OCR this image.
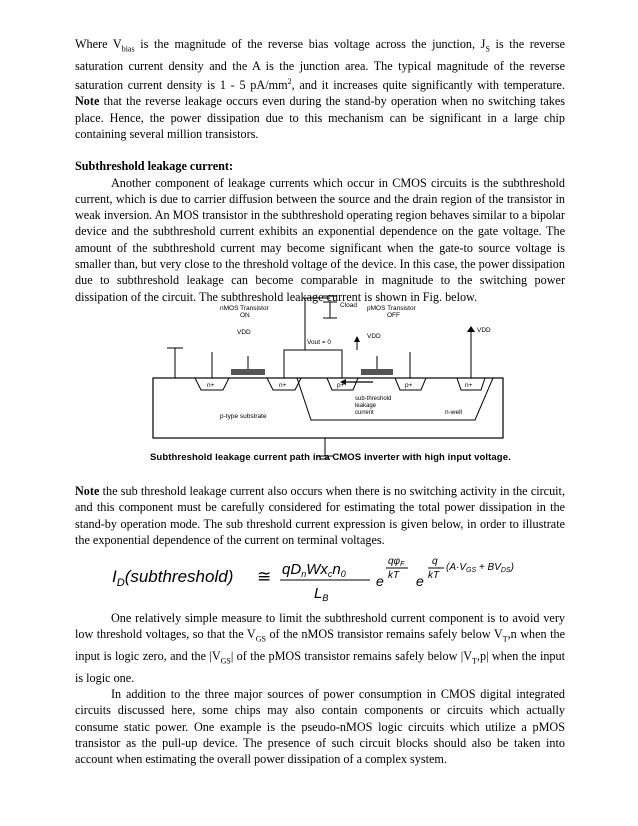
Where $V_{bias}$ is the magnitude of the reverse bias voltage across the junction, $J_S$ is the reverse saturation current density and the A is the junction area. The typical magnitude of the reverse saturation current density is 1 - 5 $pA/mm^2$, and it increases quite significantly with temperature. Note that the reverse leakage occurs even during the stand-by operation when no switching takes place. Hence, the power dissipation due to this mechanism can be significant in a large chip containing several million transistors.

Subthreshold leakage current:

Another component of leakage currents which occur in CMOS circuits is the subthreshold current, which is due to carrier diffusion between the source and the drain region of the transistor in weak inversion. An MOS transistor in the subthreshold operating region behaves similar to a bipolar device and the subthreshold current exhibits an exponential dependence on the gate voltage. The amount of the subthreshold current may become significant when the gate-to source voltage is smaller than, but very close to the threshold voltage of the device. In this case, the power dissipation due to subthreshold leakage can become comparable in magnitude to the switching power dissipation of the circuit. The subthreshold leakage current is shown in Fig. below.

nMOS Transistor
ON
Cload pMOS Transistor
OFF
VDD
VDD
VDD
Vout = 0
n+	n+	p+	p+	n+
sub-threshold leakage current	n-well
p-type substrate
Subthreshold leakage current path in a CMOS inverter with high input voltage.

Note the sub threshold leakage current also occurs when there is no switching activity in the circuit, and this component must be carefully considered for estimating the total power dissipation in the stand-by operation mode. The sub threshold current expression is given below, in order to illustrate the exponential dependence of the current on terminal voltages.

$I_D(subthreshold)$ ≅ $qD_nWx_cn_0$
$L_B$
e
$q\varphi_F$
kT e
q
kT
$(A\cdot V_{GS} + BV_{DS})$

One relatively simple measure to limit the subthreshold current component is to avoid very low threshold voltages, so that the $V_{GS}$ of the nMOS transistor remains safely below $V_T,n$ when the input is logic zero, and the $|V_{GS}|$ of the pMOS transistor remains safely below $|V_T,p|$ when the input is logic one.

In addition to the three major sources of power consumption in CMOS digital integrated circuits discussed here, some chips may also contain components or circuits which actually consume static power. One example is the pseudo-nMOS logic circuits which utilize a pMOS transistor as the pull-up device. The presence of such circuit blocks should also be taken into account when estimating the overall power dissipation of a complex system.
